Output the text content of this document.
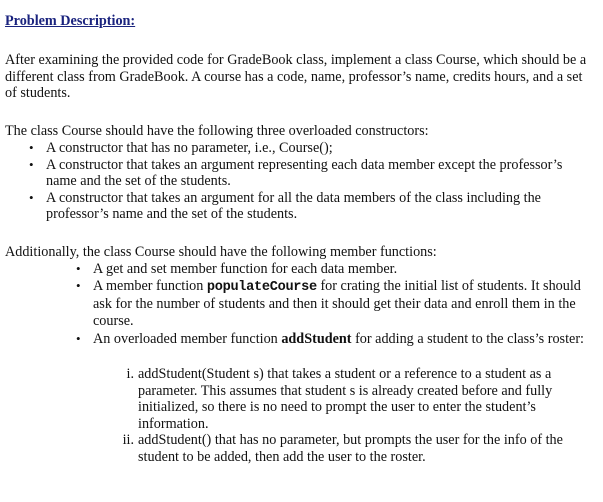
Problem Description:

After examining the provided code for GradeBook class, implement a class Course, which should be a different class from GradeBook. A course has a code, name, professor’s name, credits hours, and a set of students.

The class Course should have the following three overloaded constructors:

• A constructor that has no parameter, i.e., Course();
• A constructor that takes an argument representing each data member except the professor’s name and the set of the students.
• A constructor that takes an argument for all the data members of the class including the professor’s name and the set of the students.

Additionally, the class Course should have the following member functions:

• A get and set member function for each data member.
• A member function populateCourse for crating the initial list of students. It should ask for the number of students and then it should get their data and enroll them in the course.
• An overloaded member function addStudent for adding a student to the class’s roster:
i. addStudent(Student s) that takes a student or a reference to a student as a parameter. This assumes that student s is already created before and fully initialized, so there is no need to prompt the user to enter the student’s information.
ii. addStudent() that has no parameter, but prompts the user for the info of the student to be added, then add the user to the roster.
